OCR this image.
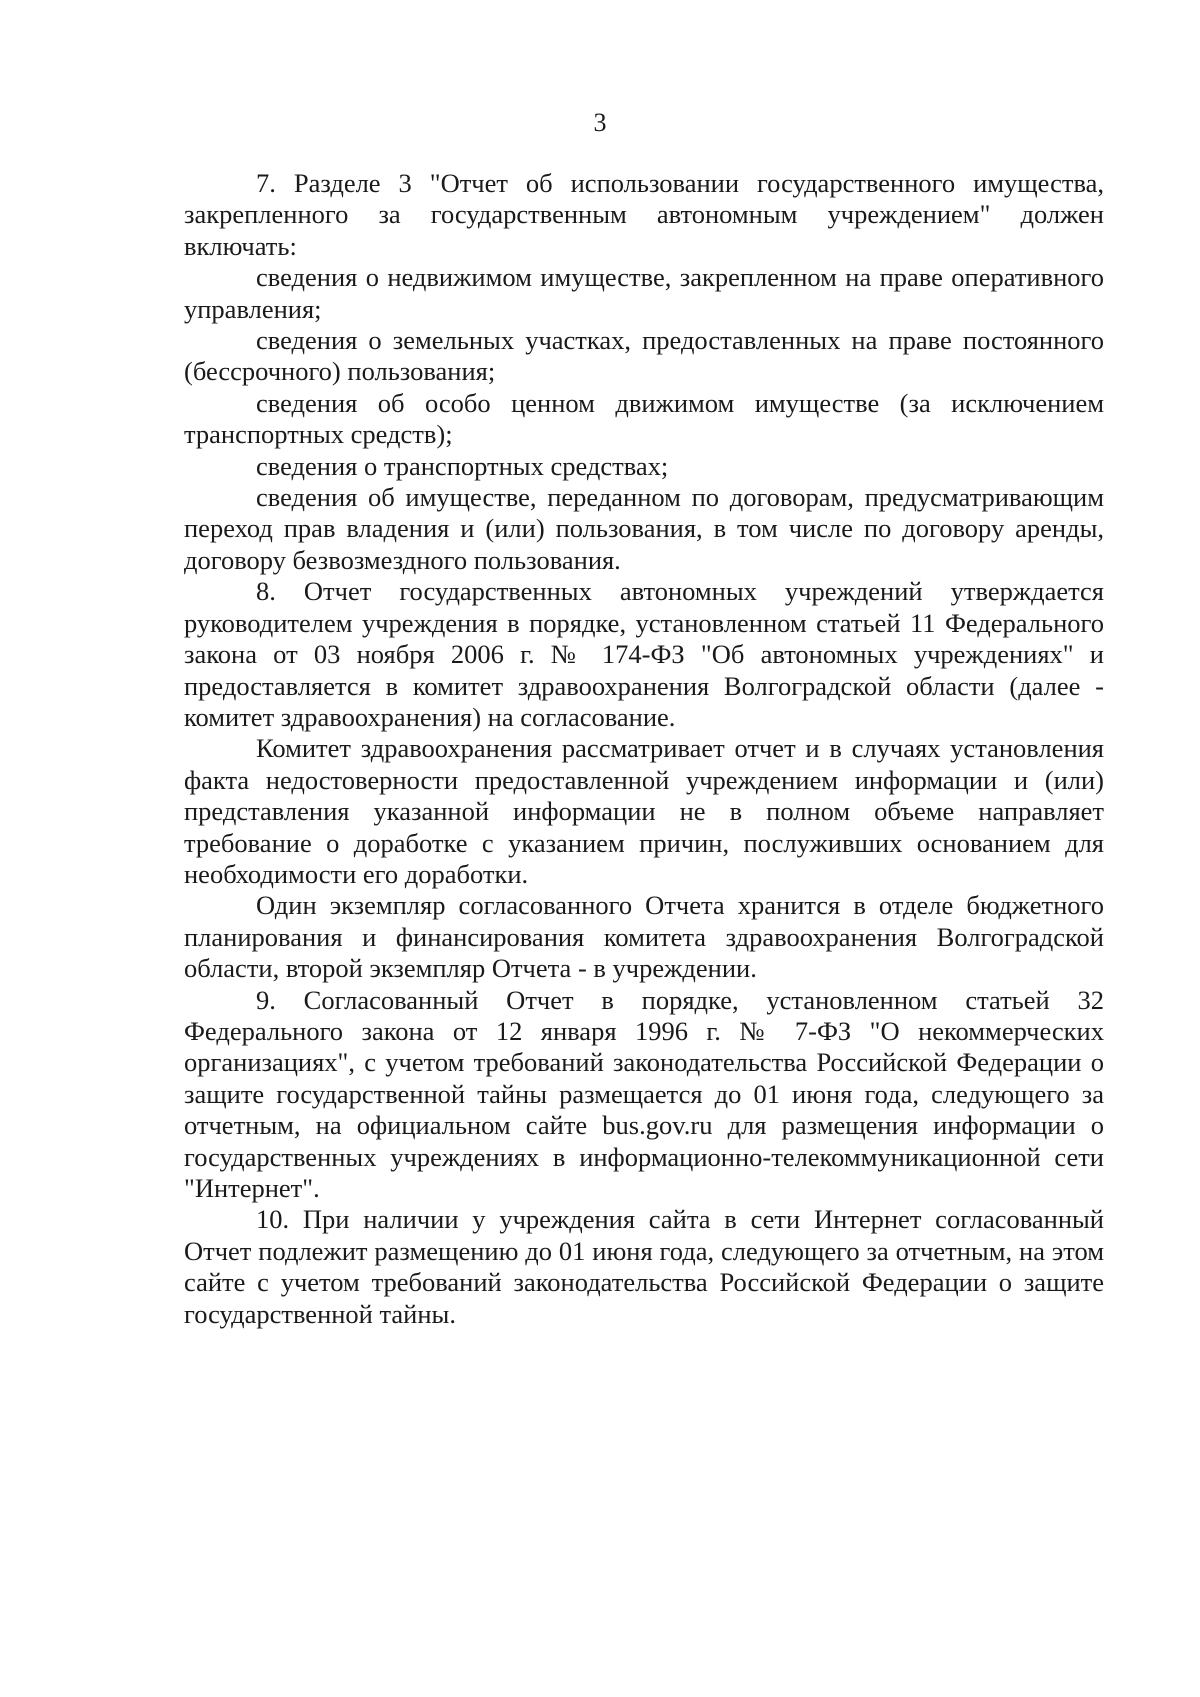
3

7. Разделе 3 "Отчет об использовании государственного имущества, закрепленного за государственным автономным учреждением" должен включать:

сведения о недвижимом имуществе, закрепленном на праве оперативного управления;

сведения о земельных участках, предоставленных на праве постоянного (бессрочного) пользования;

сведения об особо ценном движимом имуществе (за исключением транспортных средств);

сведения о транспортных средствах;

сведения об имуществе, переданном по договорам, предусматривающим переход прав владения и (или) пользования, в том числе по договору аренды, договору безвозмездного пользования.

8. Отчет государственных автономных учреждений утверждается руководителем учреждения в порядке, установленном статьей 11 Федерального закона от 03 ноября 2006 г. № 174-ФЗ "Об автономных учреждениях" и предоставляется в комитет здравоохранения Волгоградской области (далее - комитет здравоохранения) на согласование.

Комитет здравоохранения рассматривает отчет и в случаях установления факта недостоверности предоставленной учреждением информации и (или) представления указанной информации не в полном объеме направляет требование о доработке с указанием причин, послуживших основанием для необходимости его доработки.

Один экземпляр согласованного Отчета хранится в отделе бюджетного планирования и финансирования комитета здравоохранения Волгоградской области, второй экземпляр Отчета - в учреждении.

9. Согласованный Отчет в порядке, установленном статьей 32 Федерального закона от 12 января 1996 г. № 7-ФЗ "О некоммерческих организациях", с учетом требований законодательства Российской Федерации о защите государственной тайны размещается до 01 июня года, следующего за отчетным, на официальном сайте bus.gov.ru для размещения информации о государственных учреждениях в информационно-телекоммуникационной сети "Интернет".

10. При наличии у учреждения сайта в сети Интернет согласованный Отчет подлежит размещению до 01 июня года, следующего за отчетным, на этом сайте с учетом требований законодательства Российской Федерации о защите государственной тайны.
